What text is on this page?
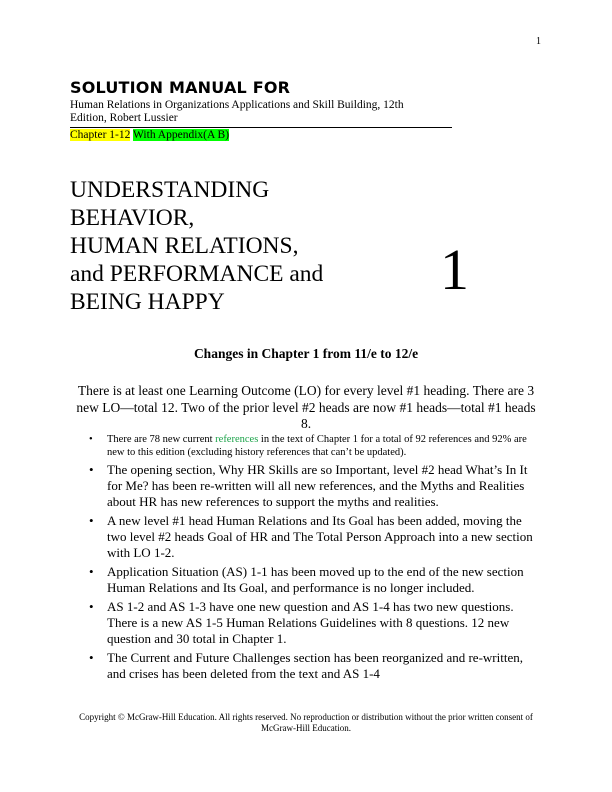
1
SOLUTION MANUAL FOR
Human Relations in Organizations Applications and Skill Building, 12th
Edition, Robert Lussier
Chapter 1-12 With Appendix(A B)
UNDERSTANDING
BEHAVIOR,
HUMAN RELATIONS,
and PERFORMANCE and
BEING HAPPY	1
Changes in Chapter 1 from 11/e to 12/e
There is at least one Learning Outcome (LO) for every level #1 heading. There are 3 new LO—total 12. Two of the prior level #2 heads are now #1 heads—total #1 heads 8.
• There are 78 new current references in the text of Chapter 1 for a total of 92 references and 92% are new to this edition (excluding history references that can’t be updated).
• The opening section, Why HR Skills are so Important, level #2 head What’s In It for Me? has been re-written will all new references, and the Myths and Realities about HR has new references to support the myths and realities.
• A new level #1 head Human Relations and Its Goal has been added, moving the two level #2 heads Goal of HR and The Total Person Approach into a new section with LO 1-2.
• Application Situation (AS) 1-1 has been moved up to the end of the new section Human Relations and Its Goal, and performance is no longer included.
• AS 1-2 and AS 1-3 have one new question and AS 1-4 has two new questions. There is a new AS 1-5 Human Relations Guidelines with 8 questions. 12 new question and 30 total in Chapter 1.
• The Current and Future Challenges section has been reorganized and re-written, and crises has been deleted from the text and AS 1-4
Copyright © McGraw-Hill Education. All rights reserved. No reproduction or distribution without the prior written consent of McGraw-Hill Education.
